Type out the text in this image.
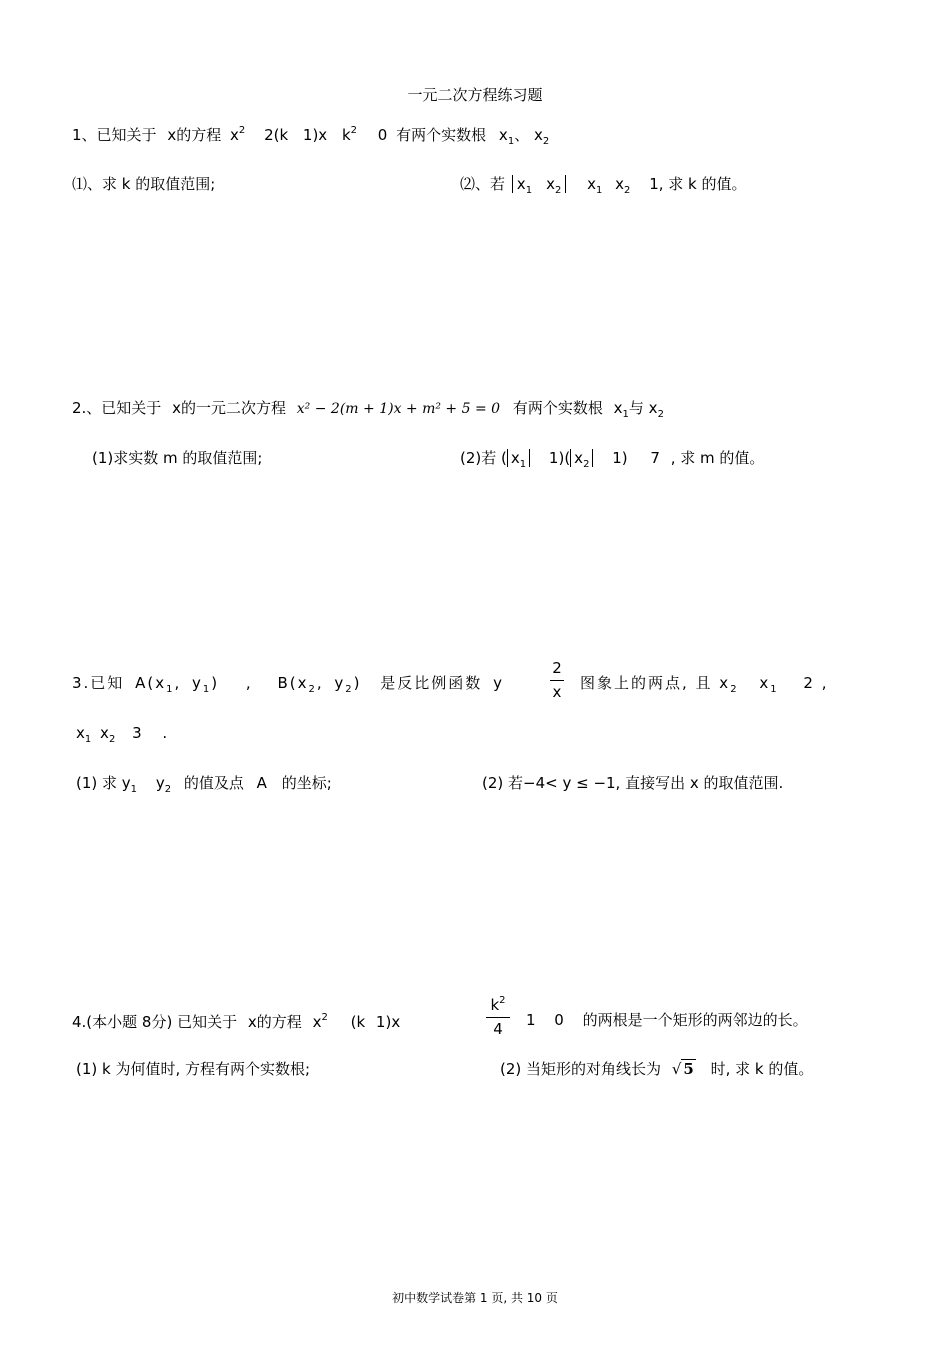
一元二次方程练习题
1、已知关于 x的方程 $x^2$ 2(k 1)x $k^2$ 0 有两个实数根 $x_1$、 $x_2$
⑴、求 k 的取值范围;	⑵、若 $x_1$ $x_2$ $x_1$ $x_2$ 1, 求 k 的值。
2.、已知关于 x的一元二次方程 x² − 2(m + 1)x + m² + 5 = 0 有两个实数根 $x_1$与 $x_2$
(1)求实数 m 的取值范围;	(2)若 ( $x_1$ 1)( $x_2$ 1) 7 , 求 m 的值。
3.已知 $A(x_1$, $y_1$) , $B(x_2$, $y_2$) 是反比例函数 y
2
x 图象上的两点, 且 $x_2$ $x_1$ 2 ,
$x_1$ $x_2$ 3 .
(1) 求 $y_1$ $y_2$ 的值及点 A 的坐标;	(2) 若−4< y ≤ −1, 直接写出 x 的取值范围.
4.(本小题 8分) 已知关于 x的方程 $x^2$ (k 1)x
$k^2$
4	1 0 的两根是一个矩形的两邻边的长。
(1) k 为何值时, 方程有两个实数根;	(2) 当矩形的对角线长为 √ 5 时, 求 k 的值。
初中数学试卷第 1 页, 共 10 页
